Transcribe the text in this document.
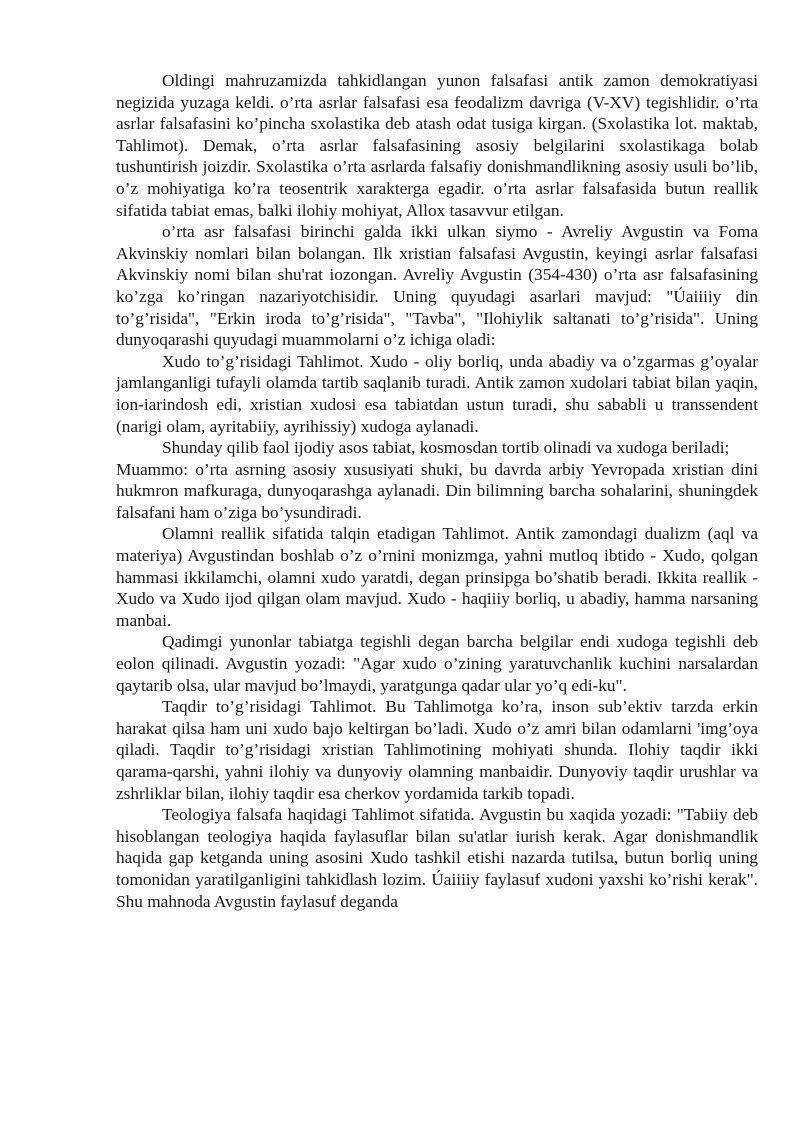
Oldingi mahruzamizda tahkidlangan yunon falsafasi antik zamon demokratiyasi negizida yuzaga keldi. o’rta asrlar falsafasi esa feodalizm davriga (V-XV) tegishlidir. o’rta asrlar falsafasini ko’pincha sxolastika deb atash odat tusiga kirgan. (Sxolastika lot. maktab, Tahlimot). Demak, o’rta asrlar falsafasining asosiy belgilarini sxolastikaga bolab tushuntirish joizdir. Sxolastika o’rta asrlarda falsafiy donishmandlikning asosiy usuli bo’lib, o’z mohiyatiga ko’ra teosentrik xarakterga egadir. o’rta asrlar falsafasida butun reallik sifatida tabiat emas, balki ilohiy mohiyat, Allox tasavvur etilgan.

o’rta asr falsafasi birinchi galda ikki ulkan siymo - Avreliy Avgustin va Foma Akvinskiy nomlari bilan bolangan. Ilk xristian falsafasi Avgustin, keyingi asrlar falsafasi Akvinskiy nomi bilan shu'rat iozongan. Avreliy Avgustin (354-430) o’rta asr falsafasining ko’zga ko’ringan nazariyotchisidir. Uning quyudagi asarlari mavjud: "Úaiiiiy din to’g’risida", "Erkin iroda to’g’risida", "Tavba", "Ilohiylik saltanati to’g’risida". Uning dunyoqarashi quyudagi muammolarni o’z ichiga oladi:

Xudo to’g’risidagi Tahlimot. Xudo - oliy borliq, unda abadiy va o’zgarmas g’oyalar jamlanganligi tufayli olamda tartib saqlanib turadi. Antik zamon xudolari tabiat bilan yaqin, ion-iarindosh edi, xristian xudosi esa tabiatdan ustun turadi, shu sababli u transsendent (narigi olam, ayritabiiy, ayrihissiy) xudoga aylanadi.

Shunday qilib faol ijodiy asos tabiat, kosmosdan tortib olinadi va xudoga beriladi;

Muammo: o’rta asrning asosiy xususiyati shuki, bu davrda arbiy Yevropada xristian dini hukmron mafkuraga, dunyoqarashga aylanadi. Din bilimning barcha sohalarini, shuningdek falsafani ham o’ziga bo’ysundiradi.

Olamni reallik sifatida talqin etadigan Tahlimot. Antik zamondagi dualizm (aql va materiya) Avgustindan boshlab o’z o’rnini monizmga, yahni mutloq ibtido - Xudo, qolgan hammasi ikkilamchi, olamni xudo yaratdi, degan prinsipga bo’shatib beradi. Ikkita reallik - Xudo va Xudo ijod qilgan olam mavjud. Xudo - haqiiiy borliq, u abadiy, hamma narsaning manbai.

Qadimgi yunonlar tabiatga tegishli degan barcha belgilar endi xudoga tegishli deb eolon qilinadi. Avgustin yozadi: "Agar xudo o’zining yaratuvchanlik kuchini narsalardan qaytarib olsa, ular mavjud bo’lmaydi, yaratgunga qadar ular yo’q edi-ku".

Taqdir to’g’risidagi Tahlimot. Bu Tahlimotga ko’ra, inson sub’ektiv tarzda erkin harakat qilsa ham uni xudo bajo keltirgan bo’ladi. Xudo o’z amri bilan odamlarni 'img’oya qiladi. Taqdir to’g’risidagi xristian Tahlimotining mohiyati shunda. Ilohiy taqdir ikki qarama-qarshi, yahni ilohiy va dunyoviy olamning manbaidir. Dunyoviy taqdir urushlar va zshrliklar bilan, ilohiy taqdir esa cherkov yordamida tarkib topadi.

Teologiya falsafa haqidagi Tahlimot sifatida. Avgustin bu xaqida yozadi: "Tabiiy deb hisoblangan teologiya haqida faylasuflar bilan su'atlar iurish kerak. Agar donishmandlik haqida gap ketganda uning asosini Xudo tashkil etishi nazarda tutilsa, butun borliq uning tomonidan yaratilganligini tahkidlash lozim. Úaiiiiy faylasuf xudoni yaxshi ko’rishi kerak". Shu mahnoda Avgustin faylasuf deganda
